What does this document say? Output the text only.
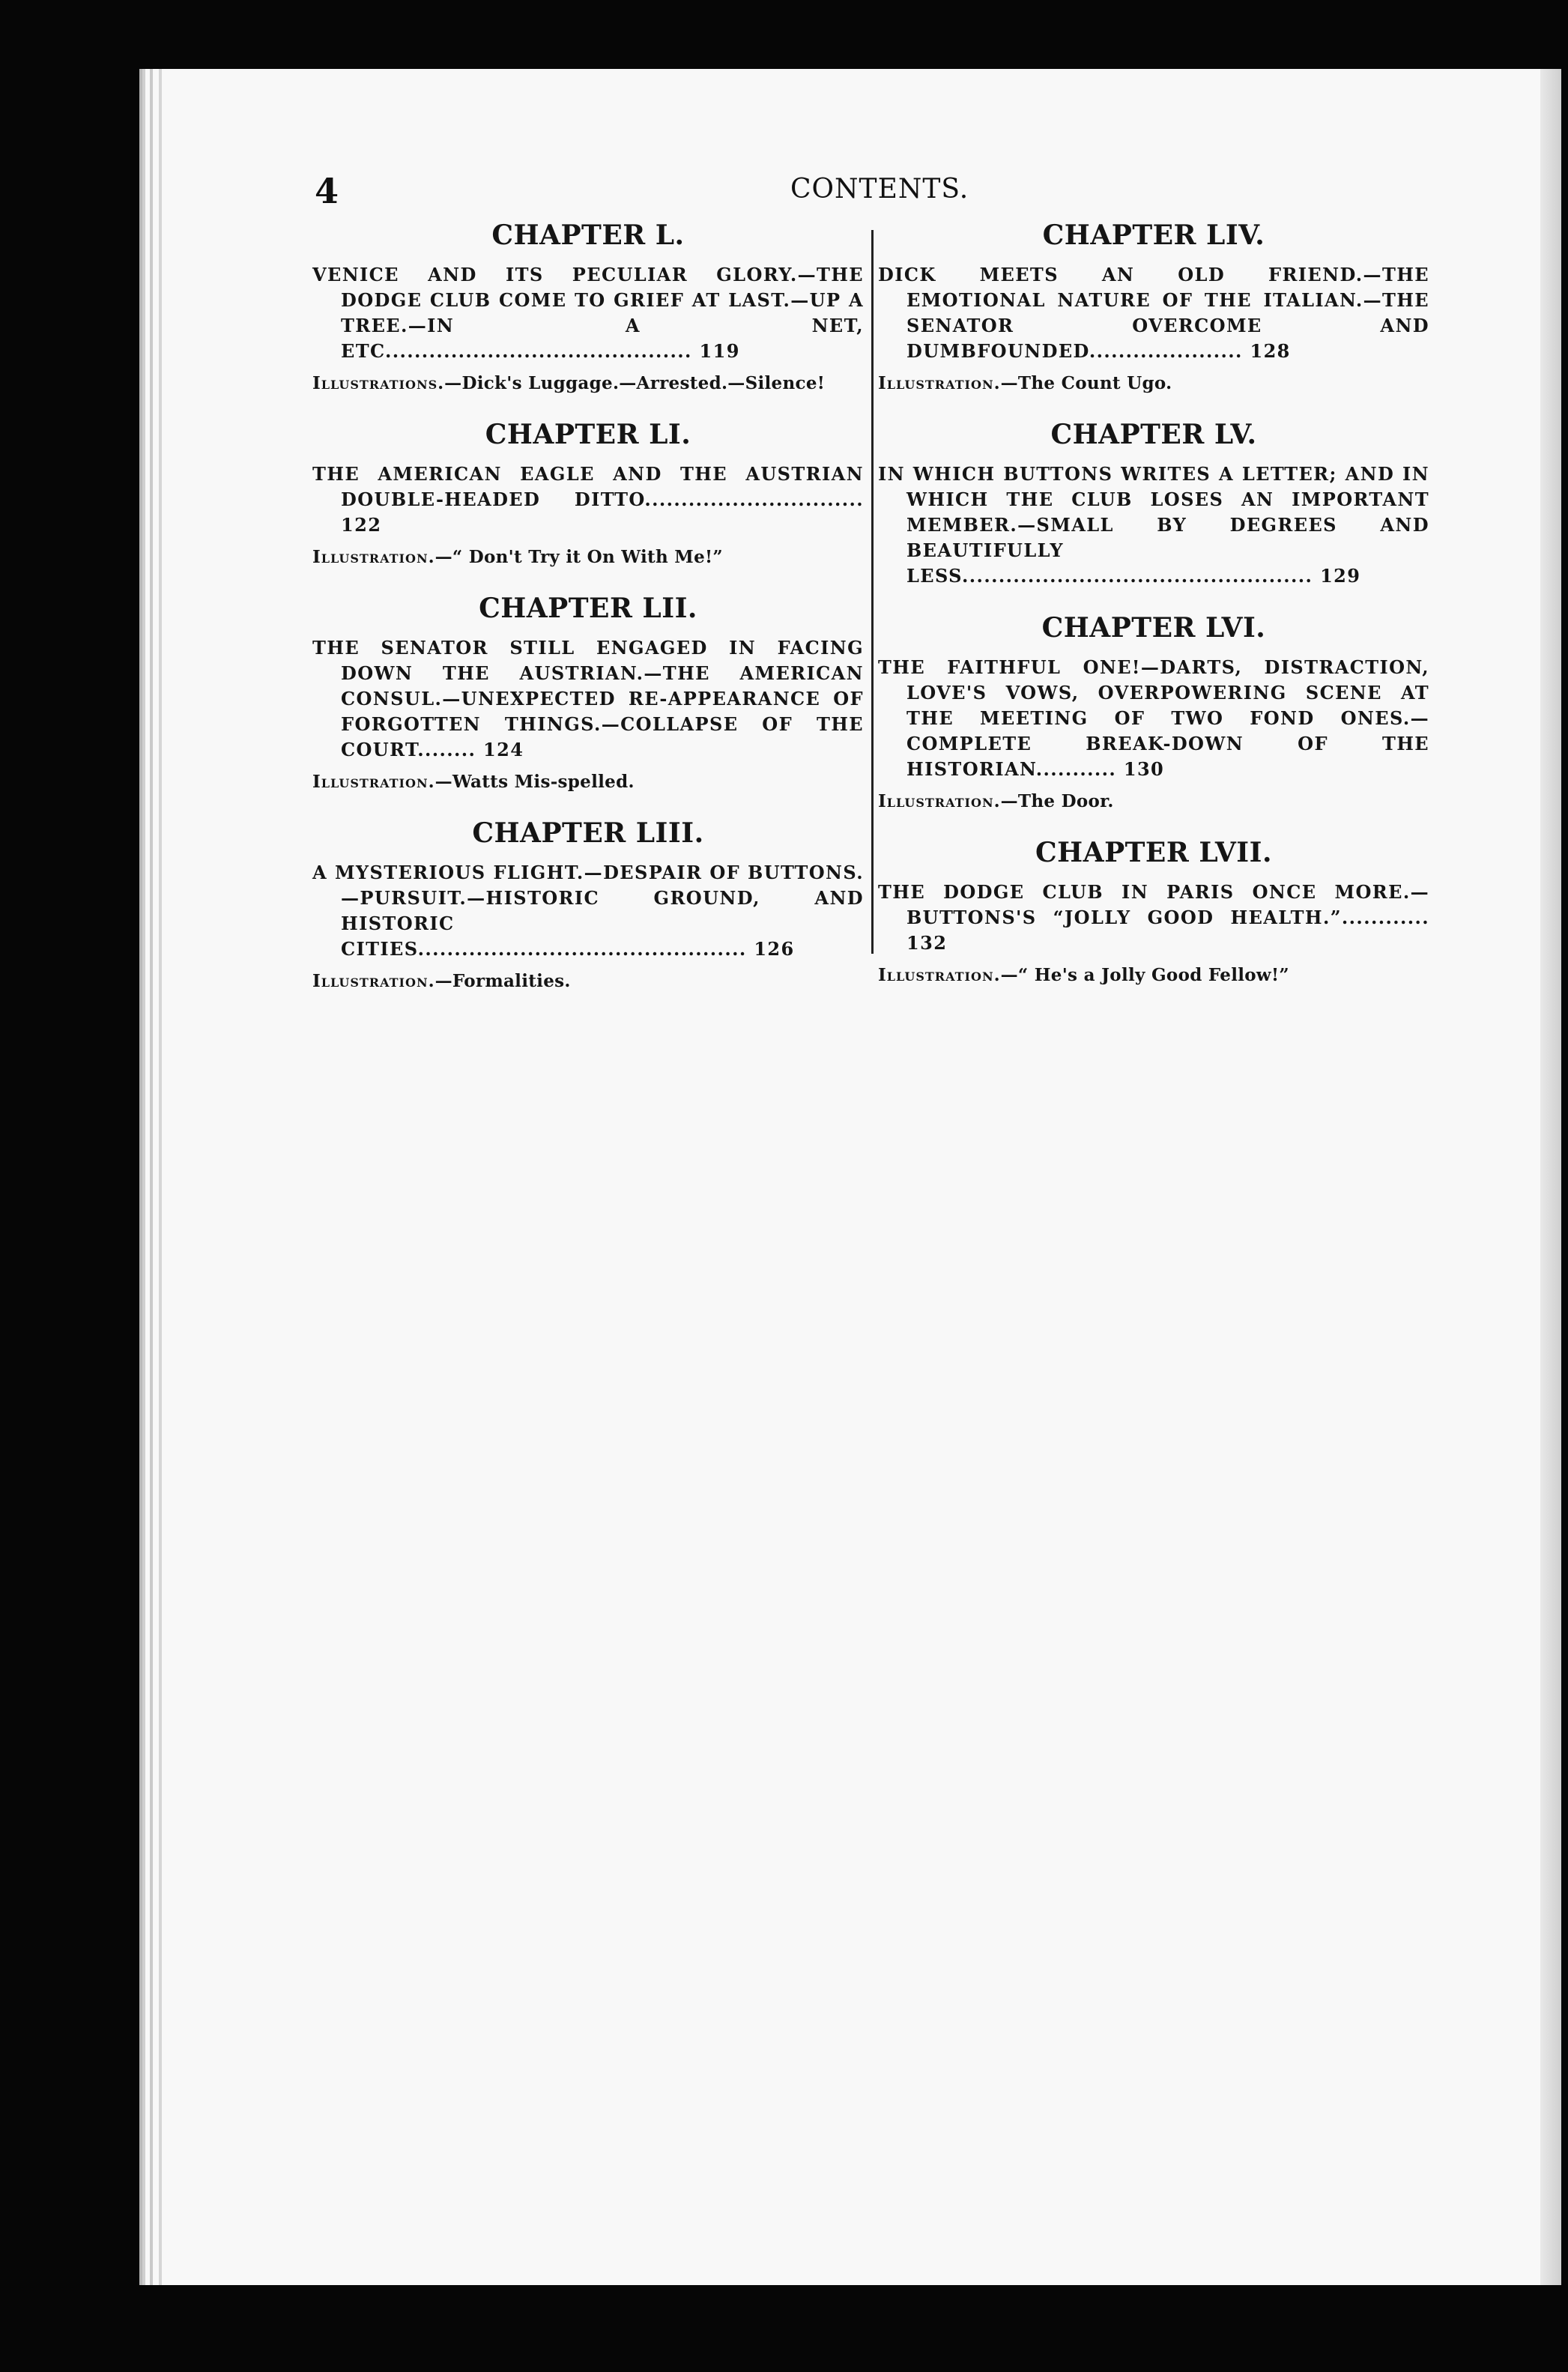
4	CONTENTS.
CHAPTER L.

VENICE AND ITS PECULIAR GLORY.—THE DODGE CLUB COME TO GRIEF AT LAST.—UP A TREE.—IN A NET, ETC.......................................... 119

Illustrations.—Dick's Luggage.—Arrested.—Silence!
CHAPTER LI.

THE AMERICAN EAGLE AND THE AUSTRIAN DOUBLE-HEADED DITTO.............................. 122

Illustration.—“ Don't Try it On With Me!”
CHAPTER LII.

THE SENATOR STILL ENGAGED IN FACING DOWN THE AUSTRIAN.—THE AMERICAN CONSUL.—UNEXPECTED RE-APPEARANCE OF FORGOTTEN THINGS.—COLLAPSE OF THE COURT........ 124

Illustration.—Watts Mis-spelled.
CHAPTER LIII.

A MYSTERIOUS FLIGHT.—DESPAIR OF BUTTONS.—PURSUIT.—HISTORIC GROUND, AND HISTORIC CITIES............................................. 126

Illustration.—Formalities.
CHAPTER LIV.

DICK MEETS AN OLD FRIEND.—THE EMOTIONAL NATURE OF THE ITALIAN.—THE SENATOR OVERCOME AND DUMBFOUNDED..................... 128

Illustration.—The Count Ugo.
CHAPTER LV.

IN WHICH BUTTONS WRITES A LETTER; AND IN WHICH THE CLUB LOSES AN IMPORTANT MEMBER.—SMALL BY DEGREES AND BEAUTIFULLY LESS................................................ 129

CHAPTER LVI.

THE FAITHFUL ONE!—DARTS, DISTRACTION, LOVE'S VOWS, OVERPOWERING SCENE AT THE MEETING OF TWO FOND ONES.—COMPLETE BREAK-DOWN OF THE HISTORIAN........... 130

Illustration.—The Door.
CHAPTER LVII.

THE DODGE CLUB IN PARIS ONCE MORE.—BUTTONS'S “JOLLY GOOD HEALTH.”............ 132

Illustration.—“ He's a Jolly Good Fellow!”
